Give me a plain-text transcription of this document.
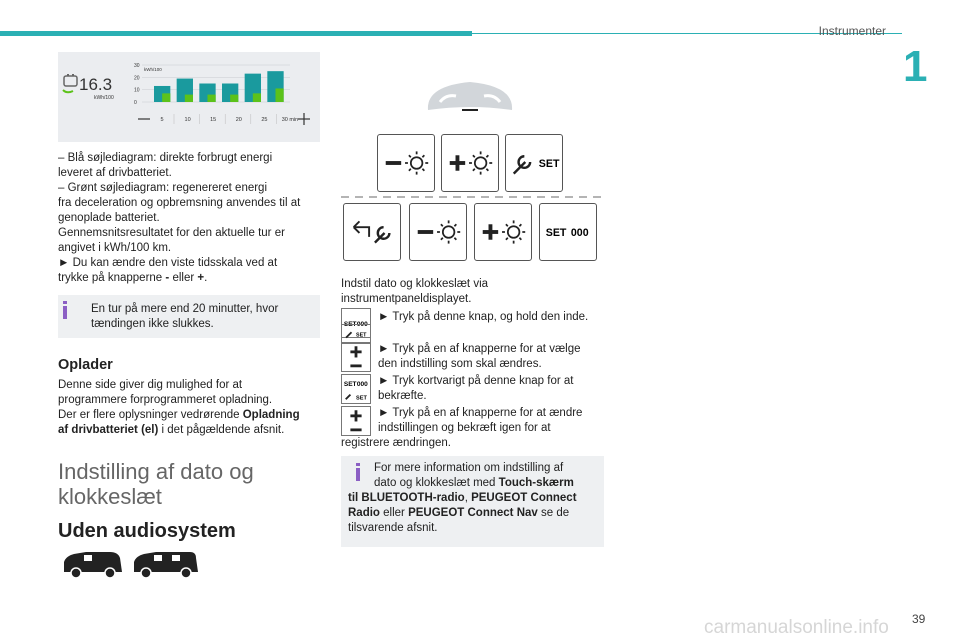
Instrumenter
1
39
carmanualsonline.info
16.3
kWh/100
kWh/100
30
20
10
0
5	10	15	20	25	30 min

– Blå søjlediagram: direkte forbrugt energi

leveret af drivbatteriet.

– Grønt søjlediagram: regenereret energi

fra deceleration og opbremsning anvendes til at

genoplade batteriet.

Gennemsnitsresultatet for den aktuelle tur er

angivet i kWh/100 km.

► Du kan ændre den viste tidsskala ved at

trykke på knapperne - eller +.

En tur på mere end 20 minutter, hvor

tændingen ikke slukkes.

Oplader

Denne side giver dig mulighed for at

programmere forprogrammeret opladning.

Der er flere oplysninger vedrørende Opladning

af drivbatteriet (el) i det pågældende afsnit.

Indstilling af dato og
klokkeslæt
Uden audiosystem
SET
SET 000

Indstil dato og klokkeslæt via

instrumentpaneldisplayet.

SET 000
► Tryk på denne knap, og hold den inde.
SET

► Tryk på en af knapperne for at vælge

den indstilling som skal ændres.

SET 000
SET

► Tryk kortvarigt på denne knap for at

bekræfte.

► Tryk på en af knapperne for at ændre

indstillingen og bekræft igen for at

registrere ændringen.

For mere information om indstilling af

dato og klokkeslæt med Touch-skærm

til BLUETOOTH-radio, PEUGEOT Connect

Radio eller PEUGEOT Connect Nav se de

tilsvarende afsnit.
